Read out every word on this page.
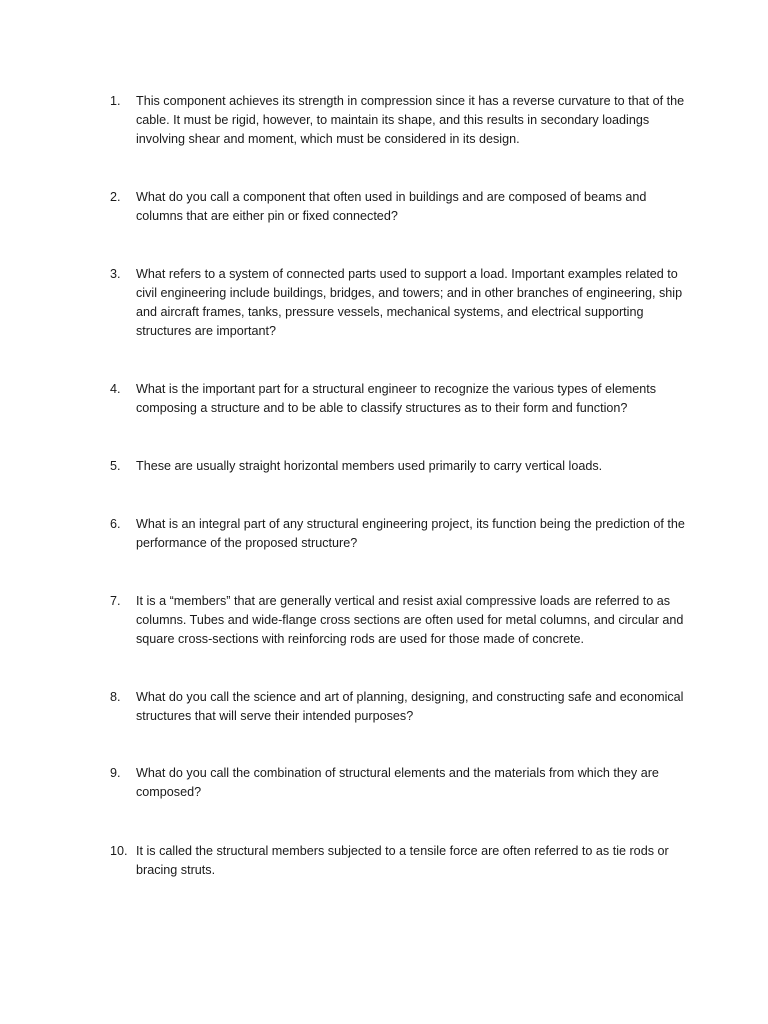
1.	This component achieves its strength in compression since it has a reverse curvature to that of the cable. It must be rigid, however, to maintain its shape, and this results in secondary loadings involving shear and moment, which must be considered in its design.
2.	What do you call a component that often used in buildings and are composed of beams and columns that are either pin or fixed connected?
3.	What refers to a system of connected parts used to support a load. Important examples related to civil engineering include buildings, bridges, and towers; and in other branches of engineering, ship and aircraft frames, tanks, pressure vessels, mechanical systems, and electrical supporting structures are important?
4.	What is the important part for a structural engineer to recognize the various types of elements composing a structure and to be able to classify structures as to their form and function?
5.	These are usually straight horizontal members used primarily to carry vertical loads.
6.	What is an integral part of any structural engineering project, its function being the prediction of the performance of the proposed structure?
7.	It is a “members” that are generally vertical and resist axial compressive loads are referred to as columns. Tubes and wide-flange cross sections are often used for metal columns, and circular and square cross-sections with reinforcing rods are used for those made of concrete.
8.	What do you call the science and art of planning, designing, and constructing safe and economical structures that will serve their intended purposes?
9.	What do you call the combination of structural elements and the materials from which they are composed?
10. It is called the structural members subjected to a tensile force are often referred to as tie rods or bracing struts.
